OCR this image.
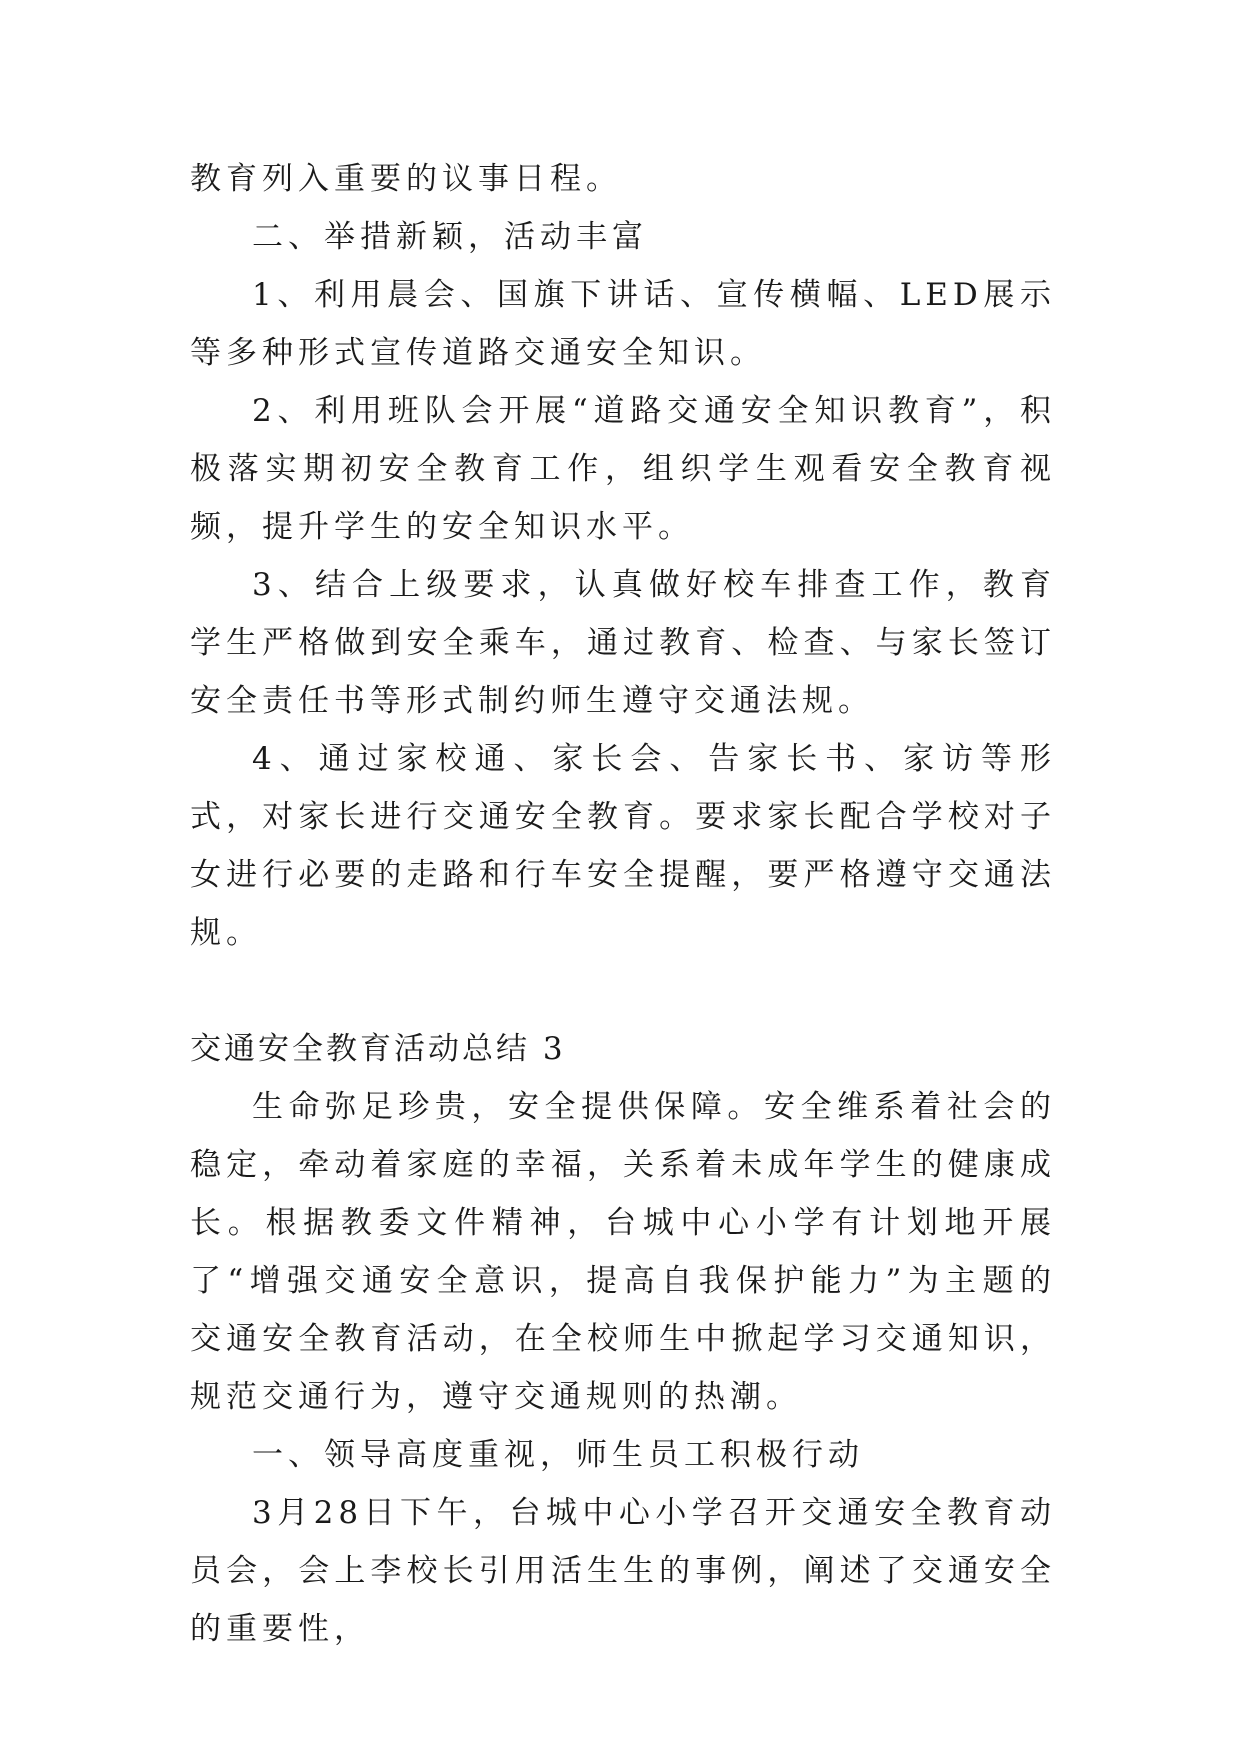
教育列入重要的议事日程。

二、举措新颖，活动丰富

1、利用晨会、国旗下讲话、宣传横幅、LED展示等多种形式宣传道路交通安全知识。

2、利用班队会开展“道路交通安全知识教育”，积极落实期初安全教育工作，组织学生观看安全教育视频，提升学生的安全知识水平。

3、结合上级要求，认真做好校车排查工作，教育学生严格做到安全乘车，通过教育、检查、与家长签订安全责任书等形式制约师生遵守交通法规。

4、通过家校通、家长会、告家长书、家访等形式，对家长进行交通安全教育。要求家长配合学校对子女进行必要的走路和行车安全提醒，要严格遵守交通法规。

交通安全教育活动总结 3

生命弥足珍贵，安全提供保障。安全维系着社会的稳定，牵动着家庭的幸福，关系着未成年学生的健康成长。根据教委文件精神，台城中心小学有计划地开展了“增强交通安全意识，提高自我保护能力”为主题的交通安全教育活动，在全校师生中掀起学习交通知识，规范交通行为，遵守交通规则的热潮。

一、领导高度重视，师生员工积极行动

3月28日下午，台城中心小学召开交通安全教育动员会，会上李校长引用活生生的事例，阐述了交通安全的重要性，
